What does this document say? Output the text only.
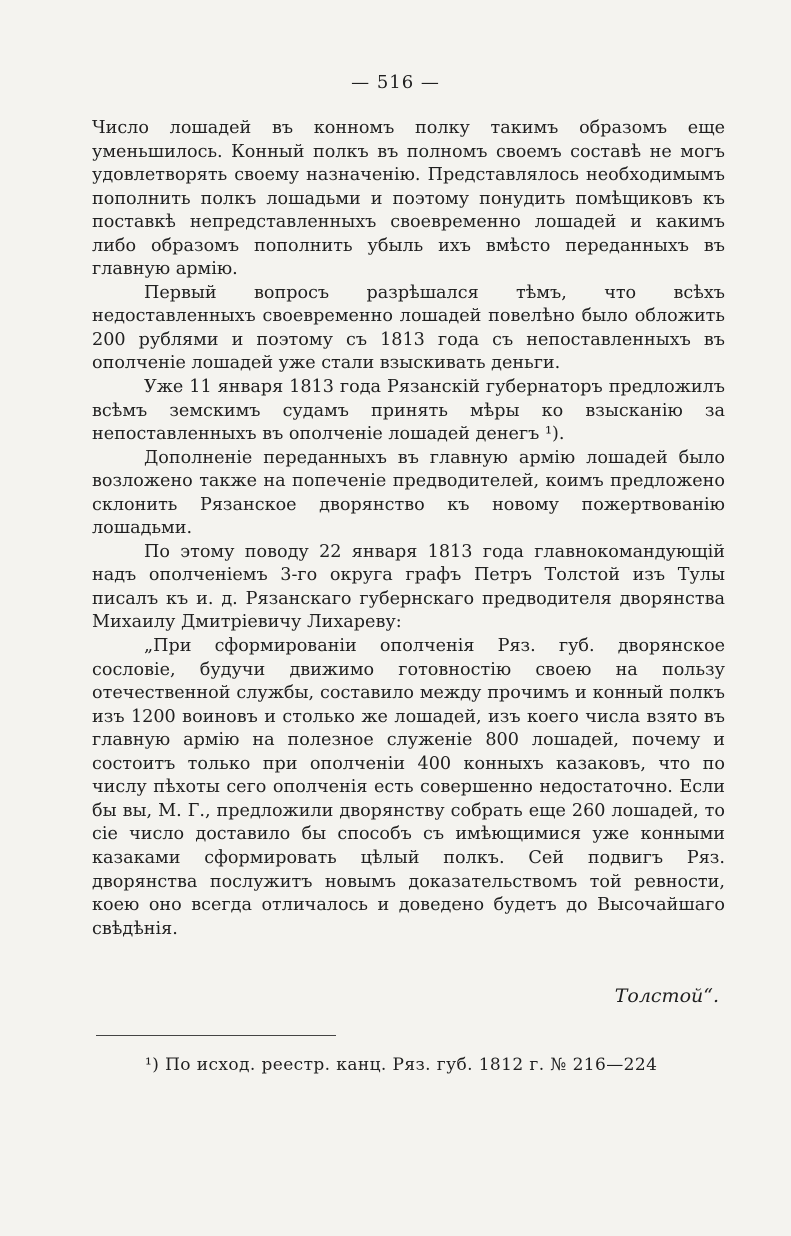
— 516 —

Число лошадей въ конномъ полку такимъ образомъ еще уменьшилось. Конный полкъ въ полномъ своемъ составѣ не могъ удовлетворять своему назначенію. Представлялось необходимымъ пополнить полкъ лошадьми и поэтому понудить помѣщиковъ къ поставкѣ непредставленныхъ своевременно лошадей и какимъ либо образомъ пополнить убыль ихъ вмѣсто переданныхъ въ главную армію.

Первый вопросъ разрѣшался тѣмъ, что всѣхъ недоставленныхъ своевременно лошадей повелѣно было обложить 200 рублями и поэтому съ 1813 года съ непоставленныхъ въ ополченіе лошадей уже стали взыскивать деньги.

Уже 11 января 1813 года Рязанскій губернаторъ предложилъ всѣмъ земскимъ судамъ принять мѣры ко взысканію за непоставленныхъ въ ополченіе лошадей денегъ ¹).

Дополненіе переданныхъ въ главную армію лошадей было возложено также на попеченіе предводителей, коимъ предложено склонить Рязанское дворянство къ новому пожертвованію лошадьми.

По этому поводу 22 января 1813 года главнокомандующій надъ ополченіемъ 3-го округа графъ Петръ Толстой изъ Тулы писалъ къ и. д. Рязанскаго губернскаго предводителя дворянства Михаилу Дмитріевичу Лихареву:

„При сформированіи ополченія Ряз. губ. дворянское сословіе, будучи движимо готовностію своею на пользу отечественной службы, составило между прочимъ и конный полкъ изъ 1200 воиновъ и столько же лошадей, изъ коего числа взято въ главную армію на полезное служеніе 800 лошадей, почему и состоитъ только при ополченіи 400 конныхъ казаковъ, что по числу пѣхоты сего ополченія есть совершенно недостаточно. Если бы вы, М. Г., предложили дворянству собрать еще 260 лошадей, то сіе число доставило бы способъ съ имѣющимися уже конными казаками сформировать цѣлый полкъ. Сей подвигъ Ряз. дворянства послужитъ новымъ доказательствомъ той ревности, коею оно всегда отличалось и доведено будетъ до Высочайшаго свѣдѣнія.

Толстой“.
¹) По исход. реестр. канц. Ряз. губ. 1812 г. № 216—224
